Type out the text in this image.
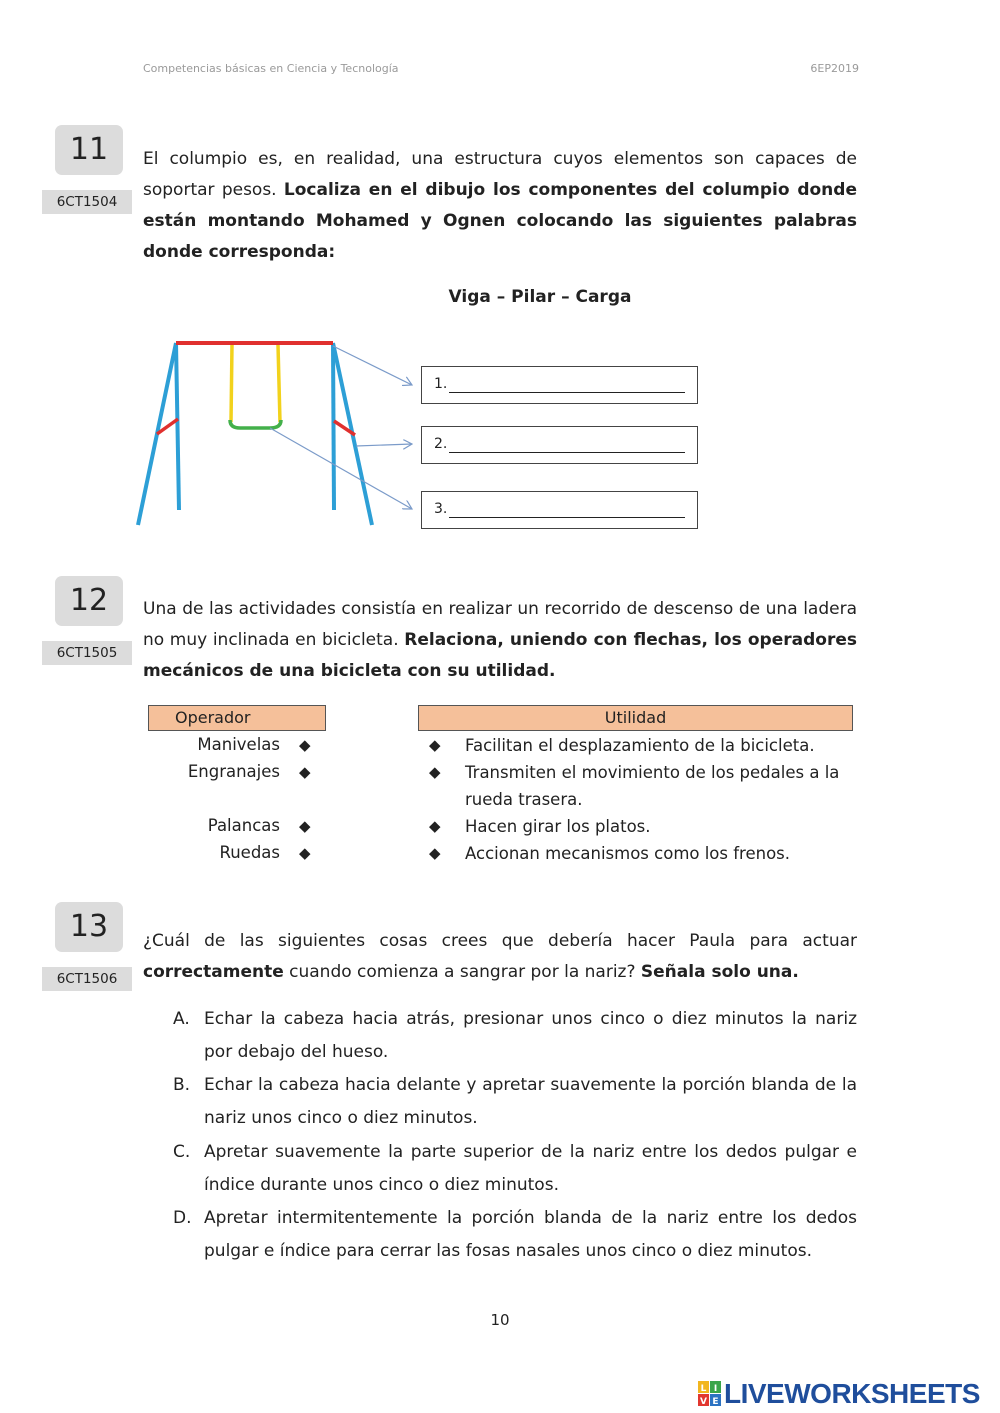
Competencias básicas en Ciencia y Tecnología	6EP2019
11
6CT1504

El columpio es, en realidad, una estructura cuyos elementos son capaces de soportar pesos. Localiza en el dibujo los componentes del columpio donde están montando Mohamed y Ognen colocando las siguientes palabras donde corresponda:

Viga – Pilar – Carga
1.
2.
3.
12
6CT1505

Una de las actividades consistía en realizar un recorrido de descenso de una ladera no muy inclinada en bicicleta. Relaciona, uniendo con flechas, los operadores mecánicos de una bicicleta con su utilidad.

Operador	Utilidad
Manivelas
Engranajes
Palancas
Ruedas
◆
◆
◆
◆
◆
◆
◆
◆
Facilitan el desplazamiento de la bicicleta.
Transmiten el movimiento de los pedales a la rueda trasera.
Hacen girar los platos.
Accionan mecanismos como los frenos.
13
6CT1506

¿Cuál de las siguientes cosas crees que debería hacer Paula para actuar correctamente cuando comienza a sangrar por la nariz? Señala solo una.

A. Echar la cabeza hacia atrás, presionar unos cinco o diez minutos la nariz por debajo del hueso.
B. Echar la cabeza hacia delante y apretar suavemente la porción blanda de la nariz unos cinco o diez minutos.
C. Apretar suavemente la parte superior de la nariz entre los dedos pulgar e índice durante unos cinco o diez minutos.
D. Apretar intermitentemente la porción blanda de la nariz entre los dedos pulgar e índice para cerrar las fosas nasales unos cinco o diez minutos.
10
L I
V E LIVEWORKSHEETS
